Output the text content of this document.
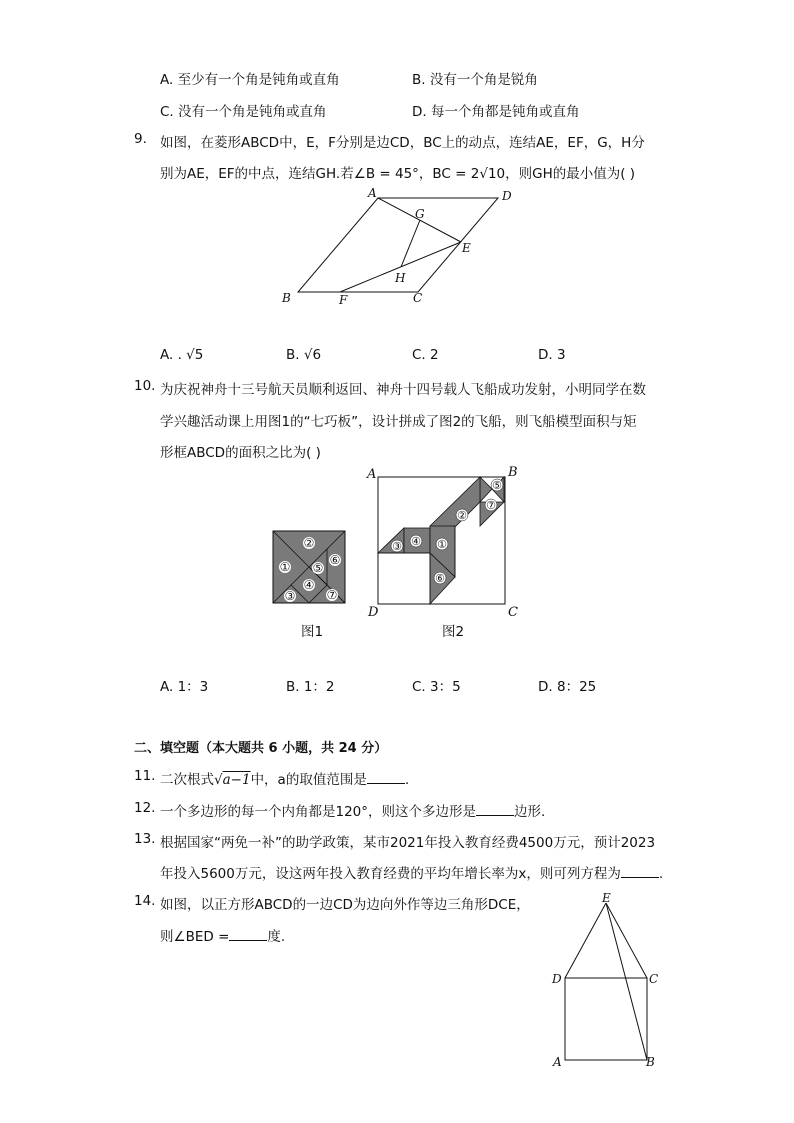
A. 至少有一个角是钝角或直角	B. 没有一个角是锐角
C. 没有一个角是钝角或直角	D. 每一个角都是钝角或直角
9. 如图，在菱形ABCD中，E，F分别是边CD，BC上的动点，连结AE，EF，G，H分
别为AE，EF的中点，连结GH.若∠B = 45°，BC = 2√10，则GH的最小值为( )
A	D
G
E
H
B	F	C
A. . √5	B. √6	C. 2	D. 3
10. 为庆祝神舟十三号航天员顺利返回、神舟十四号载人飞船成功发射，小明同学在数
学兴趣活动课上用图1的“七巧板”，设计拼成了图2的飞船，则飞船模型面积与矩
形框ABCD的面积之比为( )
②
①	⑥
⑤
④
③	⑦
图1
⑤
⑦
②
③ ④ ①
⑥
A	B
D	C
图2
A. 1：3	B. 1：2	C. 3：5	D. 8：25
二、填空题（本大题共 6 小题，共 24 分）
11. 二次根式√a−1中，a的取值范围是	.
12. 一个多边形的每一个内角都是120°，则这个多边形是	边形.
13. 根据国家“两免一补”的助学政策，某市2021年投入教育经费4500万元，预计2023
年投入5600万元，设这两年投入教育经费的平均年增长率为x，则可列方程为	.
14. 如图，以正方形ABCD的一边CD为边向外作等边三角形DCE，
则∠BED =	度.
E
D	C
A	B
